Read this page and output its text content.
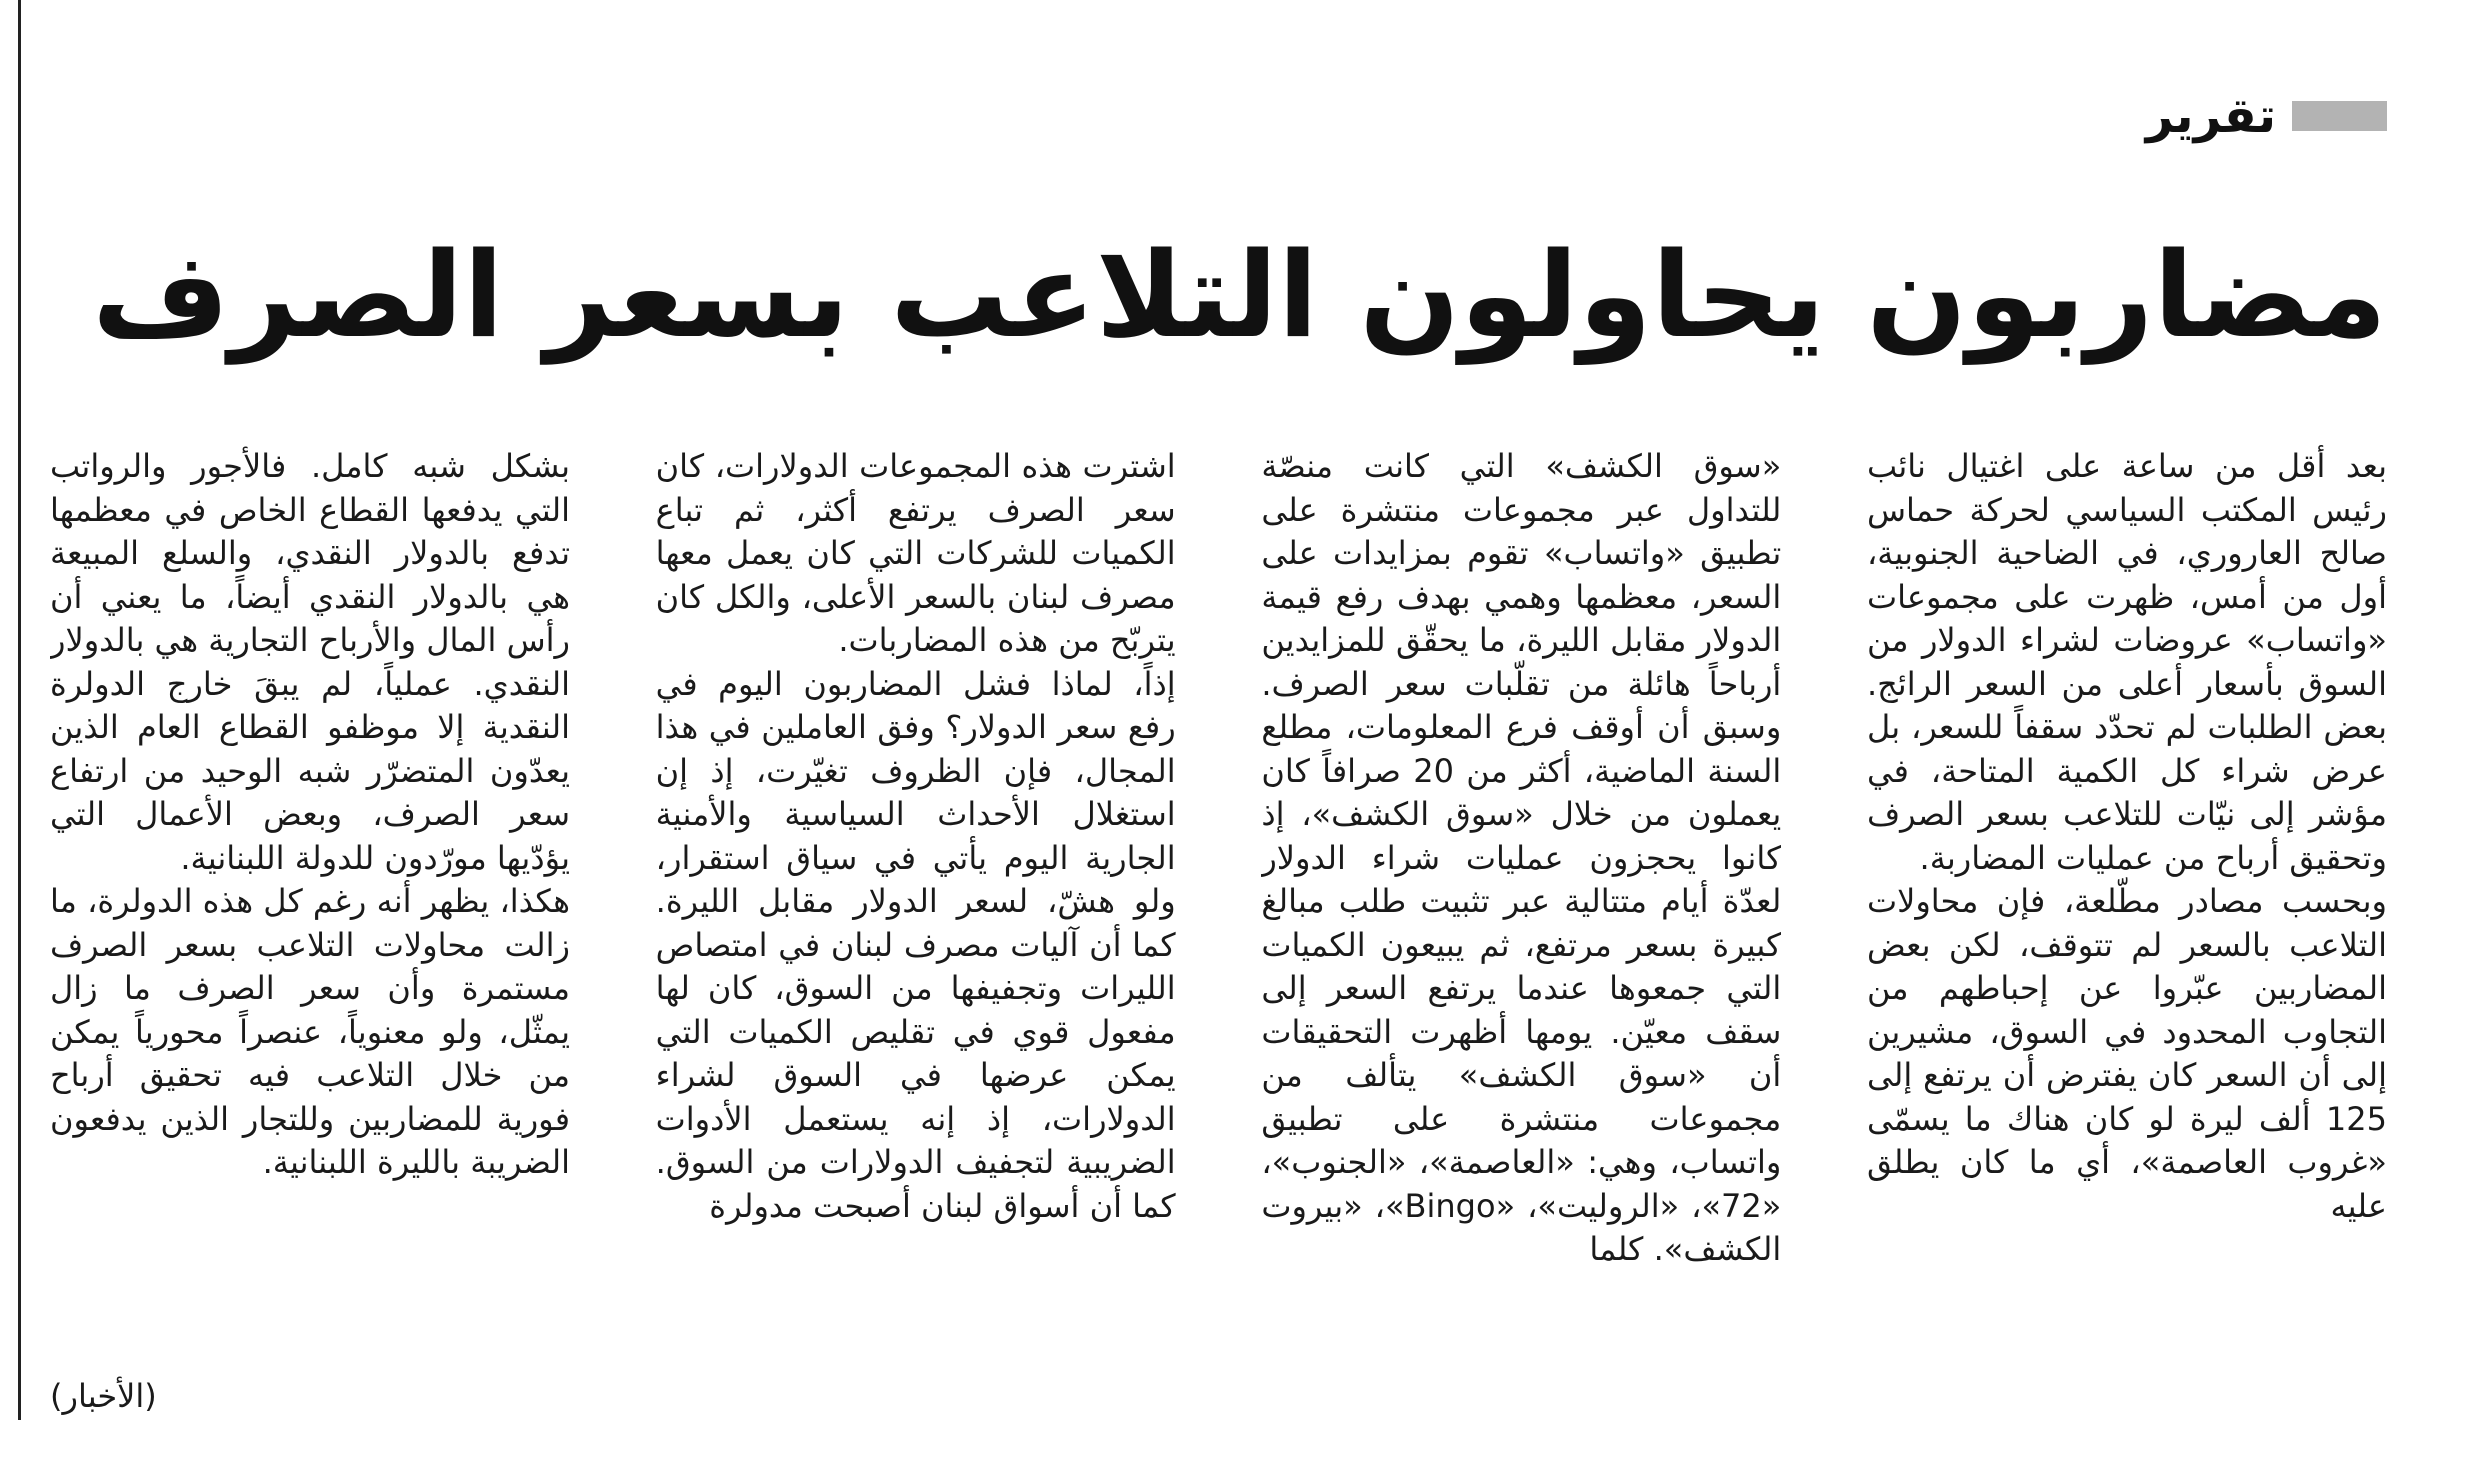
تقرير
مضاربون يحاولون التلاعب بسعر الصرف

بعد أقل من ساعة على اغتيال نائب رئيس المكتب السياسي لحركة حماس صالح العاروري، في الضاحية الجنوبية، أول من أمس، ظهرت على مجموعات «واتساب» عروضات لشراء الدولار من السوق بأسعار أعلى من السعر الرائج. بعض الطلبات لم تحدّد سقفاً للسعر، بل عرض شراء كل الكمية المتاحة، في مؤشر إلى نيّات للتلاعب بسعر الصرف وتحقيق أرباح من عمليات المضاربة.

وبحسب مصادر مطّلعة، فإن محاولات التلاعب بالسعر لم تتوقف، لكن بعض المضاربين عبّروا عن إحباطهم من التجاوب المحدود في السوق، مشيرين إلى أن السعر كان يفترض أن يرتفع إلى 125 ألف ليرة لو كان هناك ما يسمّى «غروب العاصمة»، أي ما كان يطلق عليه

«سوق الكشف» التي كانت منصّة للتداول عبر مجموعات منتشرة على تطبيق «واتساب» تقوم بمزايدات على السعر، معظمها وهمي بهدف رفع قيمة الدولار مقابل الليرة، ما يحقّق للمزايدين أرباحاً هائلة من تقلّبات سعر الصرف. وسبق أن أوقف فرع المعلومات، مطلع السنة الماضية، أكثر من 20 صرافاً كان يعملون من خلال «سوق الكشف»، إذ كانوا يحجزون عمليات شراء الدولار لعدّة أيام متتالية عبر تثبيت طلب مبالغ كبيرة بسعر مرتفع، ثم يبيعون الكميات التي جمعوها عندما يرتفع السعر إلى سقف معيّن. يومها أظهرت التحقيقات أن «سوق الكشف» يتألف من مجموعات منتشرة على تطبيق واتساب، وهي: «العاصمة»، «الجنوب»، «72»، «الروليت»، «Bingo»، «بيروت الكشف». كلما

اشترت هذه المجموعات الدولارات، كان سعر الصرف يرتفع أكثر، ثم تباع الكميات للشركات التي كان يعمل معها مصرف لبنان بالسعر الأعلى، والكل كان يتربّح من هذه المضاربات.

إذاً، لماذا فشل المضاربون اليوم في رفع سعر الدولار؟ وفق العاملين في هذا المجال، فإن الظروف تغيّرت، إذ إن استغلال الأحداث السياسية والأمنية الجارية اليوم يأتي في سياق استقرار، ولو هشّ، لسعر الدولار مقابل الليرة. كما أن آليات مصرف لبنان في امتصاص الليرات وتجفيفها من السوق، كان لها مفعول قوي في تقليص الكميات التي يمكن عرضها في السوق لشراء الدولارات، إذ إنه يستعمل الأدوات الضريبية لتجفيف الدولارات من السوق. كما أن أسواق لبنان أصبحت مدولرة

بشكل شبه كامل. فالأجور والرواتب التي يدفعها القطاع الخاص في معظمها تدفع بالدولار النقدي، والسلع المبيعة هي بالدولار النقدي أيضاً، ما يعني أن رأس المال والأرباح التجارية هي بالدولار النقدي. عملياً، لم يبقَ خارج الدولرة النقدية إلا موظفو القطاع العام الذين يعدّون المتضرّر شبه الوحيد من ارتفاع سعر الصرف، وبعض الأعمال التي يؤدّيها مورّدون للدولة اللبنانية.

هكذا، يظهر أنه رغم كل هذه الدولرة، ما زالت محاولات التلاعب بسعر الصرف مستمرة وأن سعر الصرف ما زال يمثّل، ولو معنوياً، عنصراً محورياً يمكن من خلال التلاعب فيه تحقيق أرباح فورية للمضاربين وللتجار الذين يدفعون الضريبة بالليرة اللبنانية.

(الأخبار)
